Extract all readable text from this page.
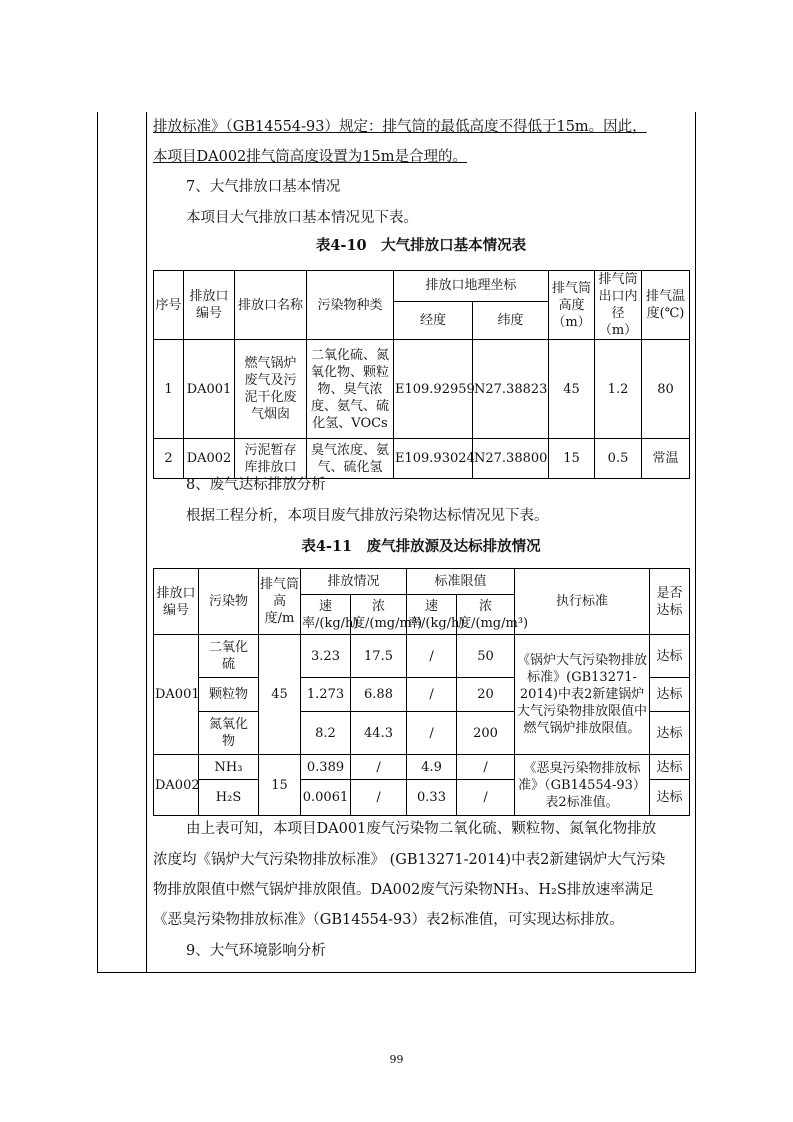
排放标准》（GB14554-93）规定：排气筒的最低高度不得低于15m。因此，
本项目DA002排气筒高度设置为15m是合理的。
7、大气排放口基本情况
本项目大气排放口基本情况见下表。
表4-10　大气排放口基本情况表
序号	排放口编号	排放口名称	污染物种类	排放口地理坐标		排气筒高度（m）	排气筒出口内径（m）	排气温度(℃)
				经度	纬度			
1	DA001	燃气锅炉废气及污泥干化废气烟囱	二氧化硫、氮氧化物、颗粒物、臭气浓度、氨气、硫化氢、VOCs	E109.92959	N27.38823	45	1.2	80
2	DA002	污泥暂存库排放口	臭气浓度、氨气、硫化氢	E109.93024	N27.38800	15	0.5	常温
8、废气达标排放分析
根据工程分析，本项目废气排放污染物达标情况见下表。
表4-11　废气排放源及达标排放情况
排放口编号	污染物	排气筒高度/m	排放情况		标准限值		执行标准	是否达标
			速率/(kg/h)	浓度/(mg/m³)	速率/(kg/h)	浓度/(mg/m³)		
DA001	二氧化硫	45	3.23	17.5	/	50	《锅炉大气污染物排放标准》(GB13271-2014)中表2新建锅炉大气污染物排放限值中燃气锅炉排放限值。	达标
	颗粒物		1.273	6.88	/	20		达标
	氮氧化物		8.2	44.3	/	200		达标
DA002	NH₃	15	0.389	/	4.9	/	《恶臭污染物排放标准》（GB14554-93）表2标准值。	达标
	H₂S		0.0061	/	0.33	/		达标
由上表可知，本项目DA001废气污染物二氧化硫、颗粒物、氮氧化物排放
浓度均《锅炉大气污染物排放标准》 (GB13271-2014)中表2新建锅炉大气污染
物排放限值中燃气锅炉排放限值。DA002废气污染物NH₃、H₂S排放速率满足
《恶臭污染物排放标准》（GB14554-93）表2标准值，可实现达标排放。
9、大气环境影响分析
99
